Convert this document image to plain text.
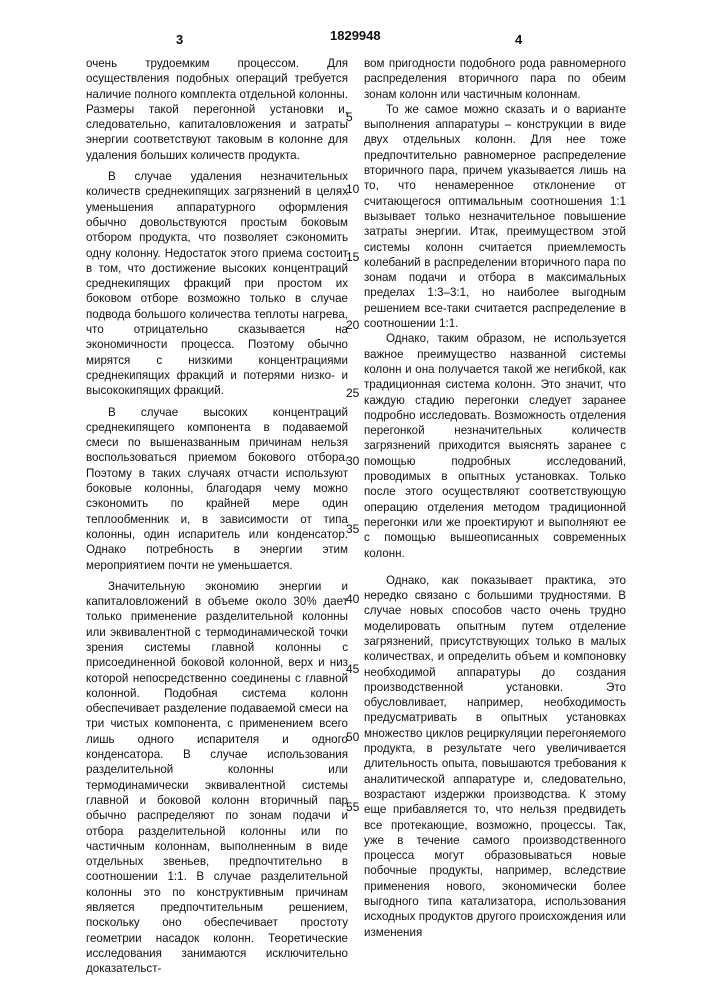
3	1829948	4
5
10
15
20
25
30
35
40
45
50
55

очень трудоемким процессом. Для осуществления подобных операций требуется наличие полного комплекта отдельной колонны. Размеры такой перегонной установки и, следовательно, капиталовложения и затраты энергии соответствуют таковым в колонне для удаления больших количеств продукта.

В случае удаления незначительных количеств среднекипящих загрязнений в целях уменьшения аппаратурного оформления обычно довольствуются простым боковым отбором продукта, что позволяет сэкономить одну колонну. Недостаток этого приема состоит в том, что достижение высоких концентраций среднекипящих фракций при простом их боковом отборе возможно только в случае подвода большого количества теплоты нагрева, что отрицательно сказывается на экономичности процесса. Поэтому обычно мирятся с низкими концентрациями среднекипящих фракций и потерями низко- и высококипящих фракций.

В случае высоких концентраций среднекипящего компонента в подаваемой смеси по вышеназванным причинам нельзя воспользоваться приемом бокового отбора. Поэтому в таких случаях отчасти используют боковые колонны, благодаря чему можно сэкономить по крайней мере один теплообменник и, в зависимости от типа колонны, один испаритель или конденсатор. Однако потребность в энергии этим мероприятием почти не уменьшается.

Значительную экономию энергии и капиталовложений в объеме около 30% дает только применение разделительной колонны или эквивалентной с термодинамической точки зрения системы главной колонны с присоединенной боковой колонной, верх и низ которой непосредственно соединены с главной колонной. Подобная система колонн обеспечивает разделение подаваемой смеси на три чистых компонента, с применением всего лишь одного испарителя и одного конденсатора. В случае использования разделительной колонны или термодинамически эквивалентной системы главной и боковой колонн вторичный пар обычно распределяют по зонам подачи и отбора разделительной колонны или по частичным колоннам, выполненным в виде отдельных звеньев, предпочтительно в соотношении 1:1. В случае разделительной колонны это по конструктивным причинам является предпочтительным решением, поскольку оно обеспечивает простоту геометрии насадок колонн. Теоретические исследования занимаются исключительно доказательст-

вом пригодности подобного рода равномерного распределения вторичного пара по обеим зонам колонн или частичным колоннам.

То же самое можно сказать и о варианте выполнения аппаратуры – конструкции в виде двух отдельных колонн. Для нее тоже предпочтительно равномерное распределение вторичного пара, причем указывается лишь на то, что ненамеренное отклонение от считающегося оптимальным соотношения 1:1 вызывает только незначительное повышение затраты энергии. Итак, преимуществом этой системы колонн считается приемлемость колебаний в распределении вторичного пара по зонам подачи и отбора в максимальных пределах 1:3–3:1, но наиболее выгодным решением все-таки считается распределение в соотношении 1:1.

Однако, таким образом, не используется важное преимущество названной системы колонн и она получается такой же негибкой, как традиционная система колонн. Это значит, что каждую стадию перегонки следует заранее подробно исследовать. Возможность отделения перегонкой незначительных количеств загрязнений приходится выяснять заранее с помощью подробных исследований, проводимых в опытных установках. Только после этого осуществляют соответствующую операцию отделения методом традиционной перегонки или же проектируют и выполняют ее с помощью вышеописанных современных колонн.

Однако, как показывает практика, это нередко связано с большими трудностями. В случае новых способов часто очень трудно моделировать опытным путем отделение загрязнений, присутствующих только в малых количествах, и определить объем и компоновку необходимой аппаратуры до создания производственной установки. Это обусловливает, например, необходимость предусматривать в опытных установках множество циклов рециркуляции перегоняемого продукта, в результате чего увеличивается длительность опыта, повышаются требования к аналитической аппаратуре и, следовательно, возрастают издержки производства. К этому еще прибавляется то, что нельзя предвидеть все протекающие, возможно, процессы. Так, уже в течение самого производственного процесса могут образовываться новые побочные продукты, например, вследствие применения нового, экономически более выгодного типа катализатора, использования исходных продуктов другого происхождения или изменения
